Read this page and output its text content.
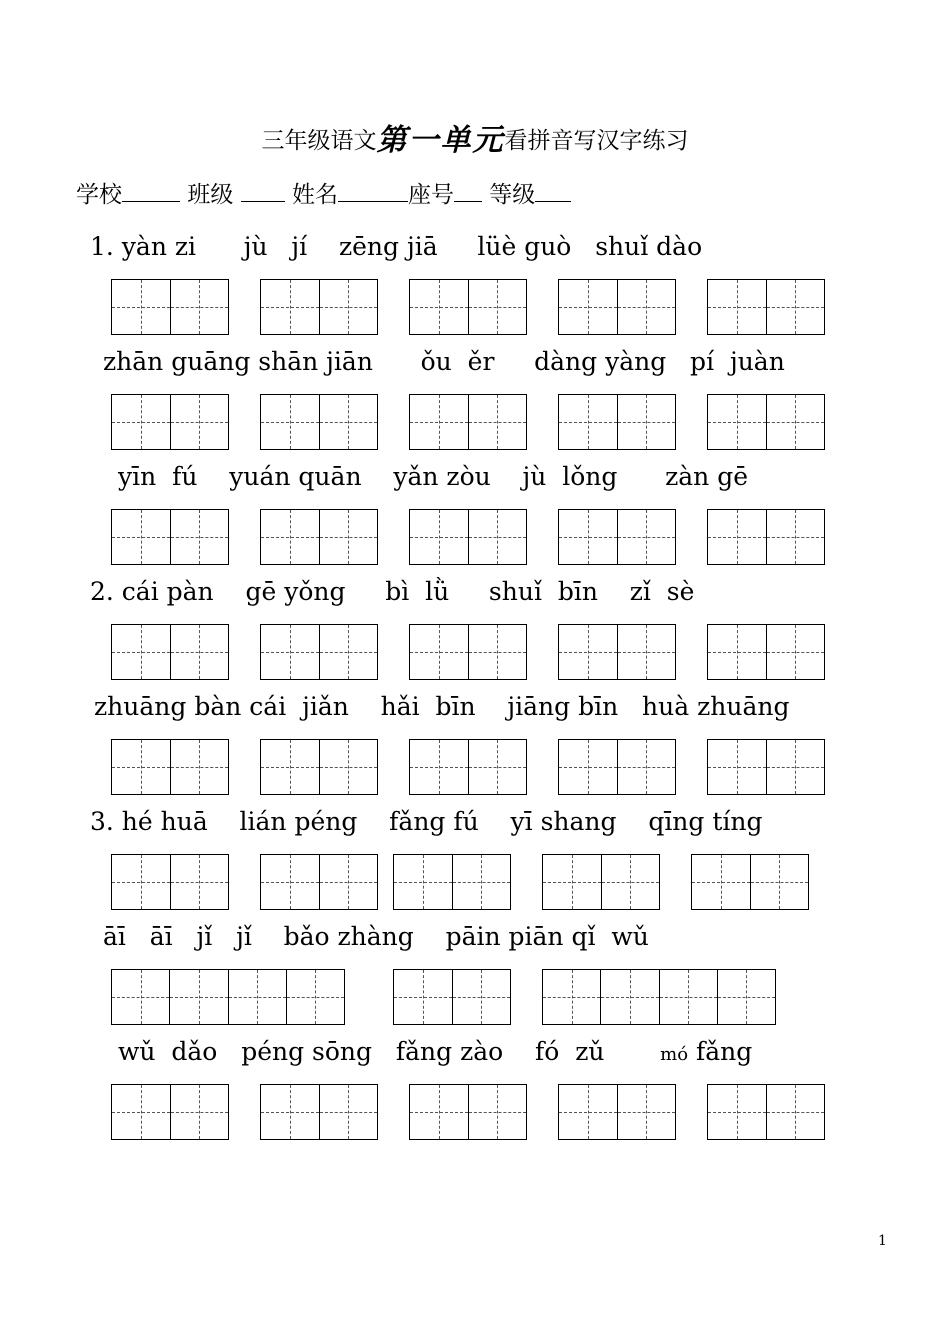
三年级语文第一单元看拼音写汉字练习
学校	班级	姓名	座号 等级
1. yàn zi      jù   jí    zēng jiā     lüè guò   shuǐ dào
zhān guāng shān jiān      ǒu  ěr     dàng yàng   pí  juàn
yīn  fú    yuán quān    yǎn zòu    jù  lǒng      zàn gē
2. cái pàn    gē yǒng     bì  lǜ     shuǐ  bīn    zǐ  sè
zhuāng bàn cái  jiǎn    hǎi  bīn    jiāng bīn   huà zhuāng
3. hé huā    lián péng    fǎng fú    yī shang    qīng tíng
āī   āī   jǐ   jǐ    bǎo zhàng    pāin piān qǐ  wǔ
wǔ  dǎo   péng sōng   fǎng zào fó zǔ	mó fǎng
1
